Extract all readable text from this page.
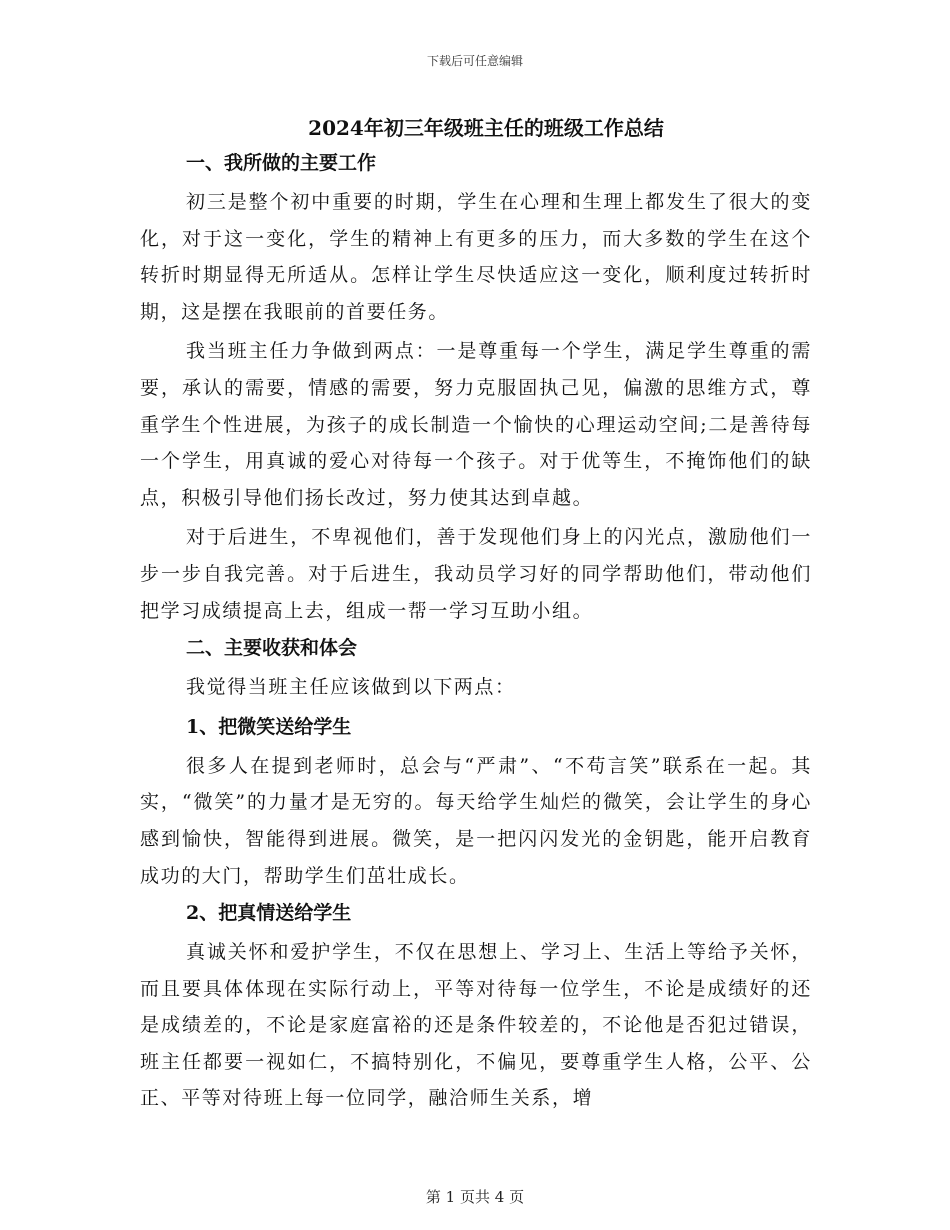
下载后可任意编辑
2024年初三年级班主任的班级工作总结
一、我所做的主要工作

初三是整个初中重要的时期，学生在心理和生理上都发生了很大的变化，对于这一变化，学生的精神上有更多的压力，而大多数的学生在这个转折时期显得无所适从。怎样让学生尽快适应这一变化，顺利度过转折时期，这是摆在我眼前的首要任务。

我当班主任力争做到两点：一是尊重每一个学生，满足学生尊重的需要，承认的需要，情感的需要，努力克服固执己见，偏激的思维方式，尊重学生个性进展，为孩子的成长制造一个愉快的心理运动空间;二是善待每一个学生，用真诚的爱心对待每一个孩子。对于优等生，不掩饰他们的缺点，积极引导他们扬长改过，努力使其达到卓越。

对于后进生，不卑视他们，善于发现他们身上的闪光点，激励他们一步一步自我完善。对于后进生，我动员学习好的同学帮助他们，带动他们把学习成绩提高上去，组成一帮一学习互助小组。

二、主要收获和体会

我觉得当班主任应该做到以下两点：

1、把微笑送给学生

很多人在提到老师时，总会与“严肃”、“不苟言笑”联系在一起。其实，“微笑”的力量才是无穷的。每天给学生灿烂的微笑，会让学生的身心感到愉快，智能得到进展。微笑，是一把闪闪发光的金钥匙，能开启教育成功的大门，帮助学生们茁壮成长。

2、把真情送给学生

真诚关怀和爱护学生，不仅在思想上、学习上、生活上等给予关怀，而且要具体体现在实际行动上，平等对待每一位学生，不论是成绩好的还是成绩差的，不论是家庭富裕的还是条件较差的，不论他是否犯过错误，班主任都要一视如仁，不搞特别化，不偏见，要尊重学生人格，公平、公正、平等对待班上每一位同学，融洽师生关系，增

第 1 页共 4 页
